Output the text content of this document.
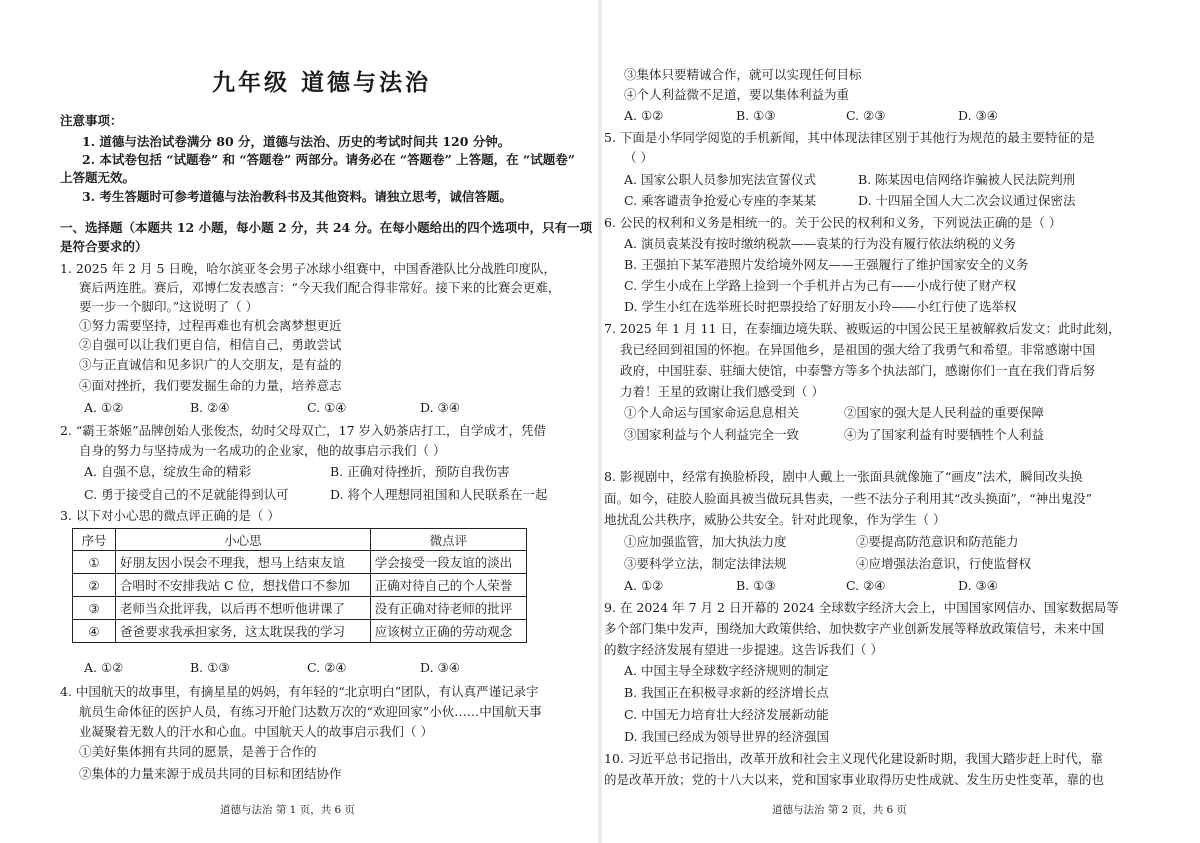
九年级 道德与法治
注意事项：
1. 道德与法治试卷满分 80 分，道德与法治、历史的考试时间共 120 分钟。
2. 本试卷包括 “试题卷” 和 “答题卷” 两部分。请务必在 “答题卷” 上答题，在 “试题卷”
上答题无效。
3. 考生答题时可参考道德与法治教科书及其他资料。请独立思考，诚信答题。
一、选择题（本题共 12 小题，每小题 2 分，共 24 分。在每小题给出的四个选项中，只有一项
是符合要求的）
1. 2025 年 2 月 5 日晚，哈尔滨亚冬会男子冰球小组赛中，中国香港队比分战胜印度队，
赛后两连胜。赛后，邓博仁发表感言：“今天我们配合得非常好。接下来的比赛会更难，
要一步一个脚印。”这说明了（ ）
①努力需要坚持，过程再难也有机会离梦想更近
②自强可以让我们更自信，相信自己，勇敢尝试
③与正直诚信和见多识广的人交朋友，是有益的
④面对挫折，我们要发掘生命的力量，培养意志
A. ①②	B. ②④	C. ①④	D. ③④
2. “霸王茶姬”品牌创始人张俊杰，幼时父母双亡，17 岁入奶茶店打工，自学成才，凭借
自身的努力与坚持成为一名成功的企业家，他的故事启示我们（ ）
A. 自强不息，绽放生命的精彩	B. 正确对待挫折，预防自我伤害
C. 勇于接受自己的不足就能得到认可	D. 将个人理想同祖国和人民联系在一起
3. 以下对小心思的微点评正确的是（ ）
序号	小心思	微点评
①	好朋友因小误会不理我，想马上结束友谊	学会接受一段友谊的淡出
②	合唱时不安排我站 C 位，想找借口不参加	正确对待自己的个人荣誉
③	老师当众批评我，以后再不想听他讲课了	没有正确对待老师的批评
④	爸爸要求我承担家务，这太耽误我的学习	应该树立正确的劳动观念
A. ①②	B. ①③	C. ②④	D. ③④
4. 中国航天的故事里，有摘星星的妈妈，有年轻的“北京明白”团队，有认真严谨记录宇
航员生命体征的医护人员，有练习开舱门达数万次的“欢迎回家”小伙……中国航天事
业凝聚着无数人的汗水和心血。中国航天人的故事启示我们（ ）
①美好集体拥有共同的愿景，是善于合作的
②集体的力量来源于成员共同的目标和团结协作
道德与法治 第 1 页，共 6 页
③集体只要精诚合作，就可以实现任何目标
④个人利益微不足道，要以集体利益为重
A. ①②	B. ①③	C. ②③	D. ③④
5. 下面是小华同学阅览的手机新闻，其中体现法律区别于其他行为规范的最主要特征的是
（ ）
A. 国家公职人员参加宪法宣誓仪式	B. 陈某因电信网络诈骗被人民法院判刑
C. 乘客谴责争抢爱心专座的李某某	D. 十四届全国人大二次会议通过保密法
6. 公民的权利和义务是相统一的。关于公民的权利和义务，下列说法正确的是（ ）
A. 演员袁某没有按时缴纳税款——袁某的行为没有履行依法纳税的义务
B. 王强拍下某军港照片发给境外网友——王强履行了维护国家安全的义务
C. 学生小成在上学路上捡到一个手机并占为己有——小成行使了财产权
D. 学生小红在选举班长时把票投给了好朋友小玲——小红行使了选举权
7. 2025 年 1 月 11 日，在泰缅边境失联、被贩运的中国公民王星被解救后发文：此时此刻，
我已经回到祖国的怀抱。在异国他乡，是祖国的强大给了我勇气和希望。非常感谢中国
政府，中国驻泰、驻缅大使馆，中泰警方等多个执法部门，感谢你们一直在我们背后努
力着！王星的致谢让我们感受到（ ）
①个人命运与国家命运息息相关	②国家的强大是人民利益的重要保障
③国家利益与个人利益完全一致	④为了国家利益有时要牺牲个人利益
8. 影视剧中，经常有换脸桥段，剧中人戴上一张面具就像施了“画皮”法术，瞬间改头换
面。如今，硅胶人脸面具被当做玩具售卖，一些不法分子利用其“改头换面”，“神出鬼没”
地扰乱公共秩序，威胁公共安全。针对此现象，作为学生（ ）
①应加强监管，加大执法力度	②要提高防范意识和防范能力
③要科学立法，制定法律法规	④应增强法治意识，行使监督权
A. ①②	B. ①③	C. ②④	D. ③④
9. 在 2024 年 7 月 2 日开幕的 2024 全球数字经济大会上，中国国家网信办、国家数据局等
多个部门集中发声，围绕加大政策供给、加快数字产业创新发展等释放政策信号，未来中国
的数字经济发展有望进一步提速。这告诉我们（ ）
A. 中国主导全球数字经济规则的制定
B. 我国正在积极寻求新的经济增长点
C. 中国无力培育壮大经济发展新动能
D. 我国已经成为领导世界的经济强国
10. 习近平总书记指出，改革开放和社会主义现代化建设新时期，我国大踏步赶上时代，靠
的是改革开放；党的十八大以来，党和国家事业取得历史性成就、发生历史性变革，靠的也
道德与法治 第 2 页，共 6 页
